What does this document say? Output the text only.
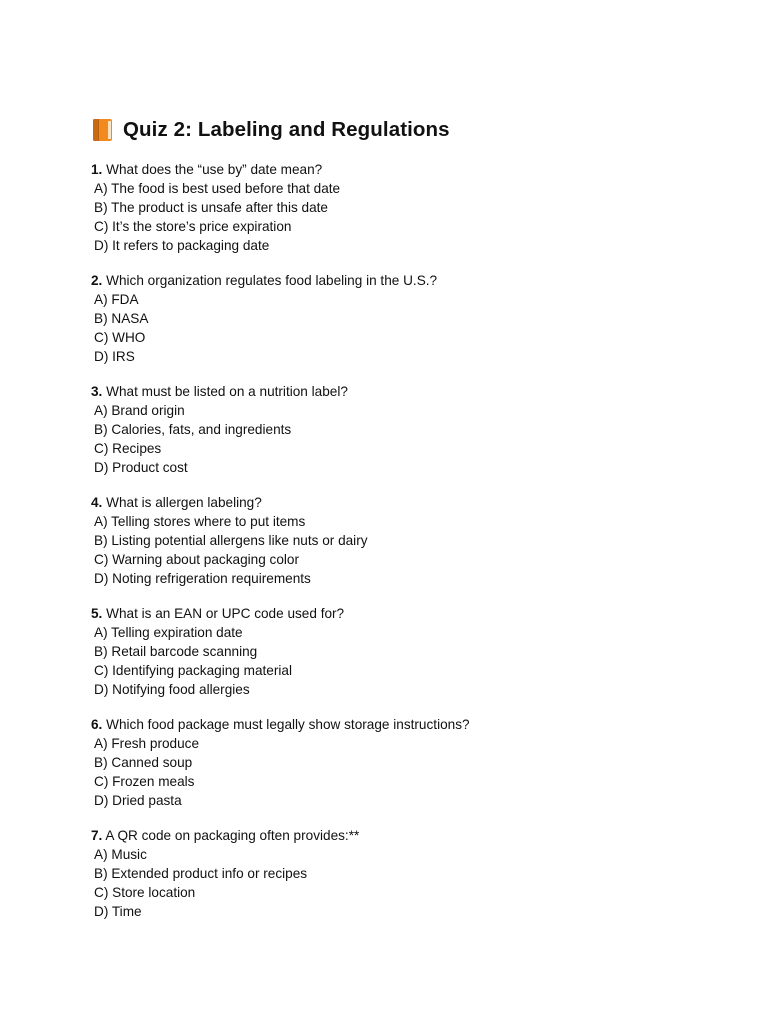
Quiz 2: Labeling and Regulations
1. What does the “use by” date mean?
A) The food is best used before that date
B) The product is unsafe after this date
C) It’s the store’s price expiration
D) It refers to packaging date
2. Which organization regulates food labeling in the U.S.?
A) FDA
B) NASA
C) WHO
D) IRS
3. What must be listed on a nutrition label?
A) Brand origin
B) Calories, fats, and ingredients
C) Recipes
D) Product cost
4. What is allergen labeling?
A) Telling stores where to put items
B) Listing potential allergens like nuts or dairy
C) Warning about packaging color
D) Noting refrigeration requirements
5. What is an EAN or UPC code used for?
A) Telling expiration date
B) Retail barcode scanning
C) Identifying packaging material
D) Notifying food allergies
6. Which food package must legally show storage instructions?
A) Fresh produce
B) Canned soup
C) Frozen meals
D) Dried pasta
7. A QR code on packaging often provides:**
A) Music
B) Extended product info or recipes
C) Store location
D) Time
